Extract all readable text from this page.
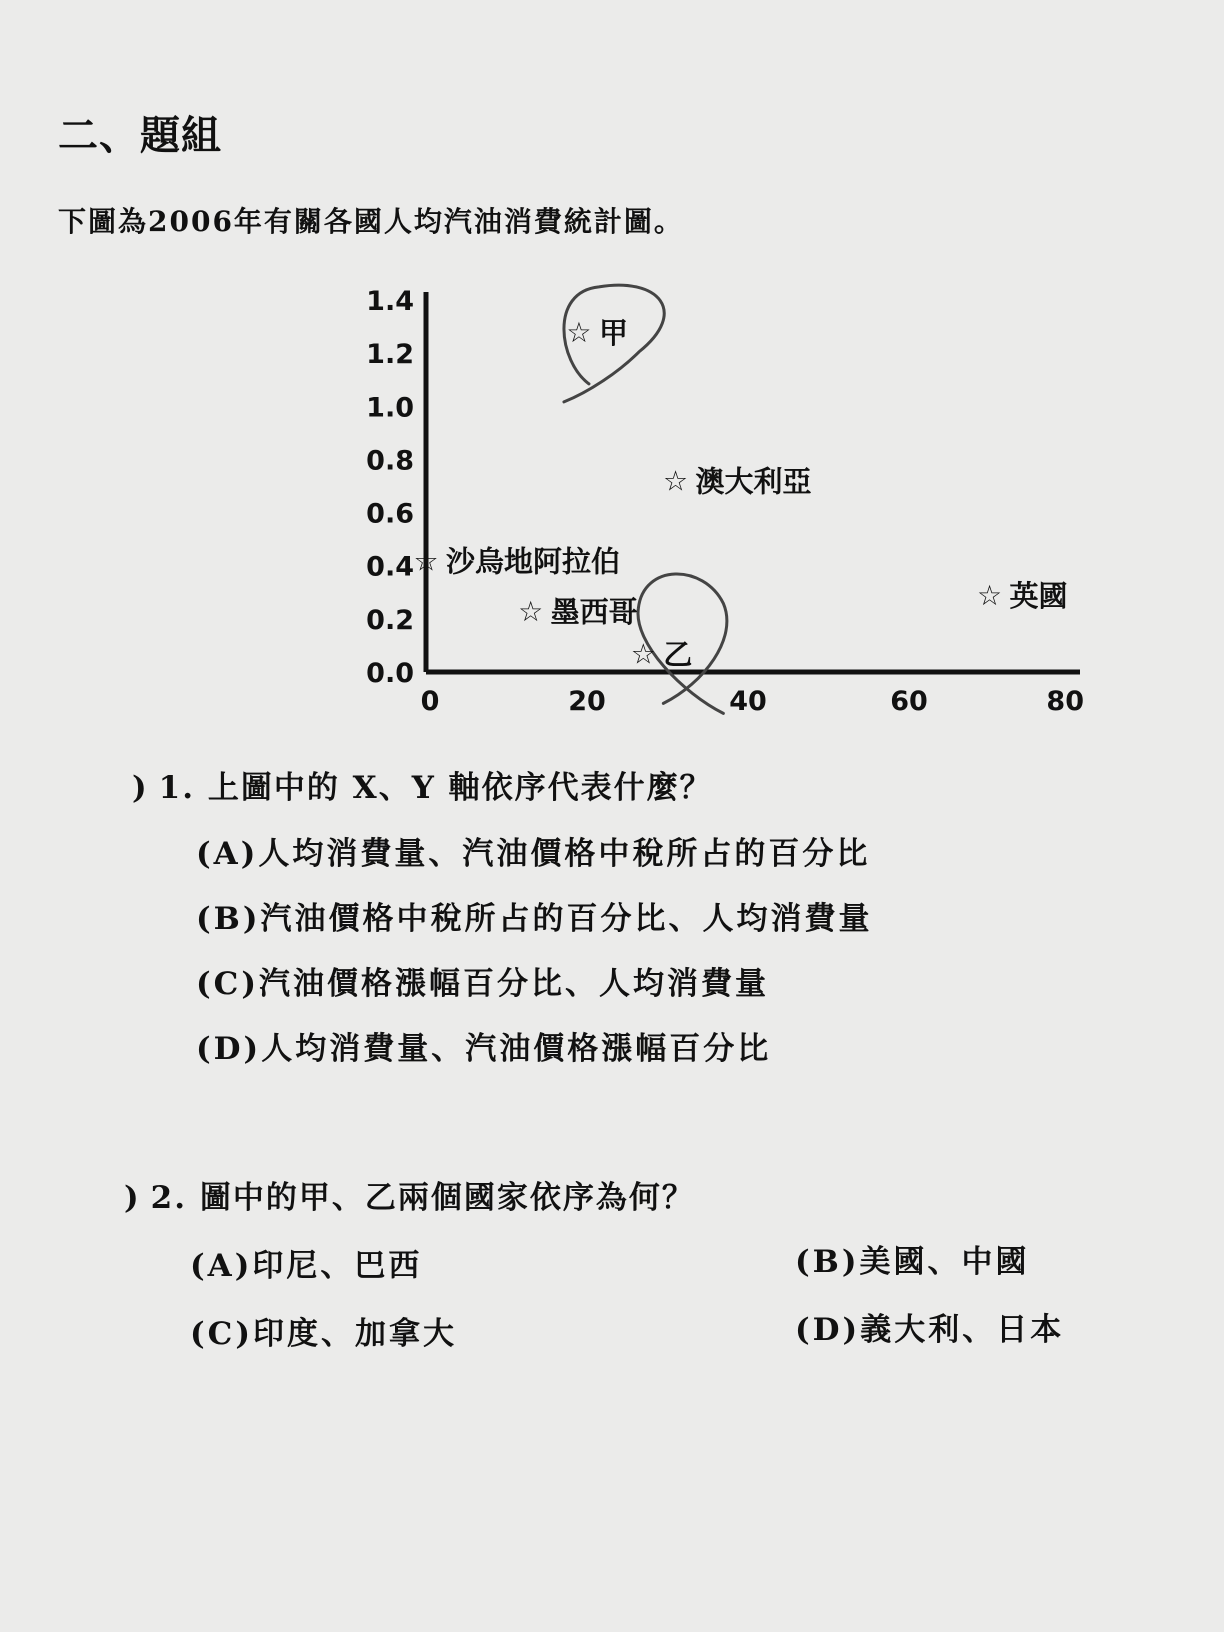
二、題組
下圖為2006年有關各國人均汽油消費統計圖。
0.0
0.2
0.4
0.6
0.8
1.0
1.2
1.4
0	20	40	60	80
☆ 甲
☆ 澳大利亞
☆ 沙烏地阿拉伯
☆ 墨西哥
☆ 乙
☆ 英國
) 1. 上圖中的 X、Y 軸依序代表什麼？
(A)人均消費量、汽油價格中稅所占的百分比
(B)汽油價格中稅所占的百分比、人均消費量
(C)汽油價格漲幅百分比、人均消費量
(D)人均消費量、汽油價格漲幅百分比
) 2. 圖中的甲、乙兩個國家依序為何？
(A)印尼、巴西	(B)美國、中國
(C)印度、加拿大	(D)義大利、日本
